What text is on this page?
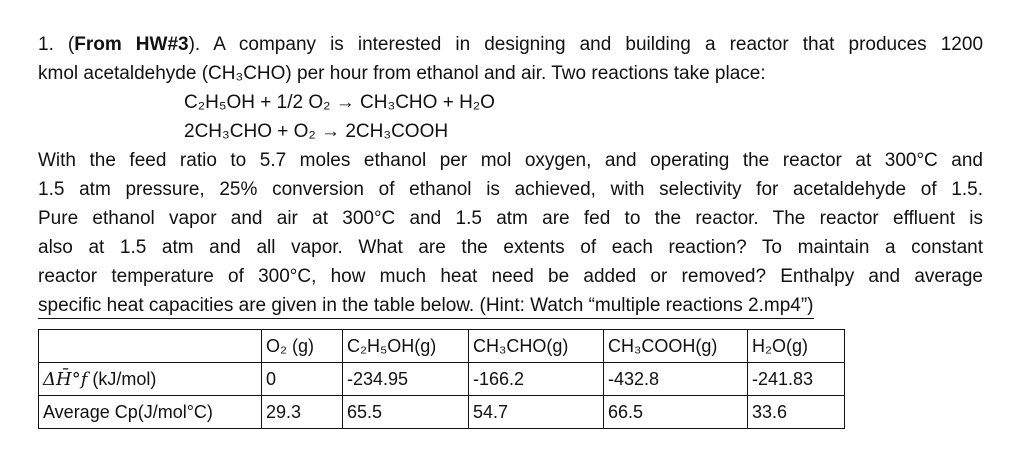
1. (From HW#3). A company is interested in designing and building a reactor that produces 1200
kmol acetaldehyde (CH₃CHO) per hour from ethanol and air. Two reactions take place:
C₂H₅OH + 1/2 O₂ → CH₃CHO + H₂O
2CH₃CHO + O₂ → 2CH₃COOH
With the feed ratio to 5.7 moles ethanol per mol oxygen, and operating the reactor at 300°C and
1.5 atm pressure, 25% conversion of ethanol is achieved, with selectivity for acetaldehyde of 1.5.
Pure ethanol vapor and air at 300°C and 1.5 atm are fed to the reactor. The reactor effluent is
also at 1.5 atm and all vapor. What are the extents of each reaction? To maintain a constant
reactor temperature of 300°C, how much heat need be added or removed? Enthalpy and average
specific heat capacities are given in the table below. (Hint: Watch “multiple reactions 2.mp4”)
	O₂ (g)	C₂H₅OH(g)	CH₃CHO(g)	CH₃COOH(g)	H₂O(g)
ΔH̄°f (kJ/mol)	0	-234.95	-166.2	-432.8	-241.83
Average Cp(J/mol°C)	29.3	65.5	54.7	66.5	33.6
